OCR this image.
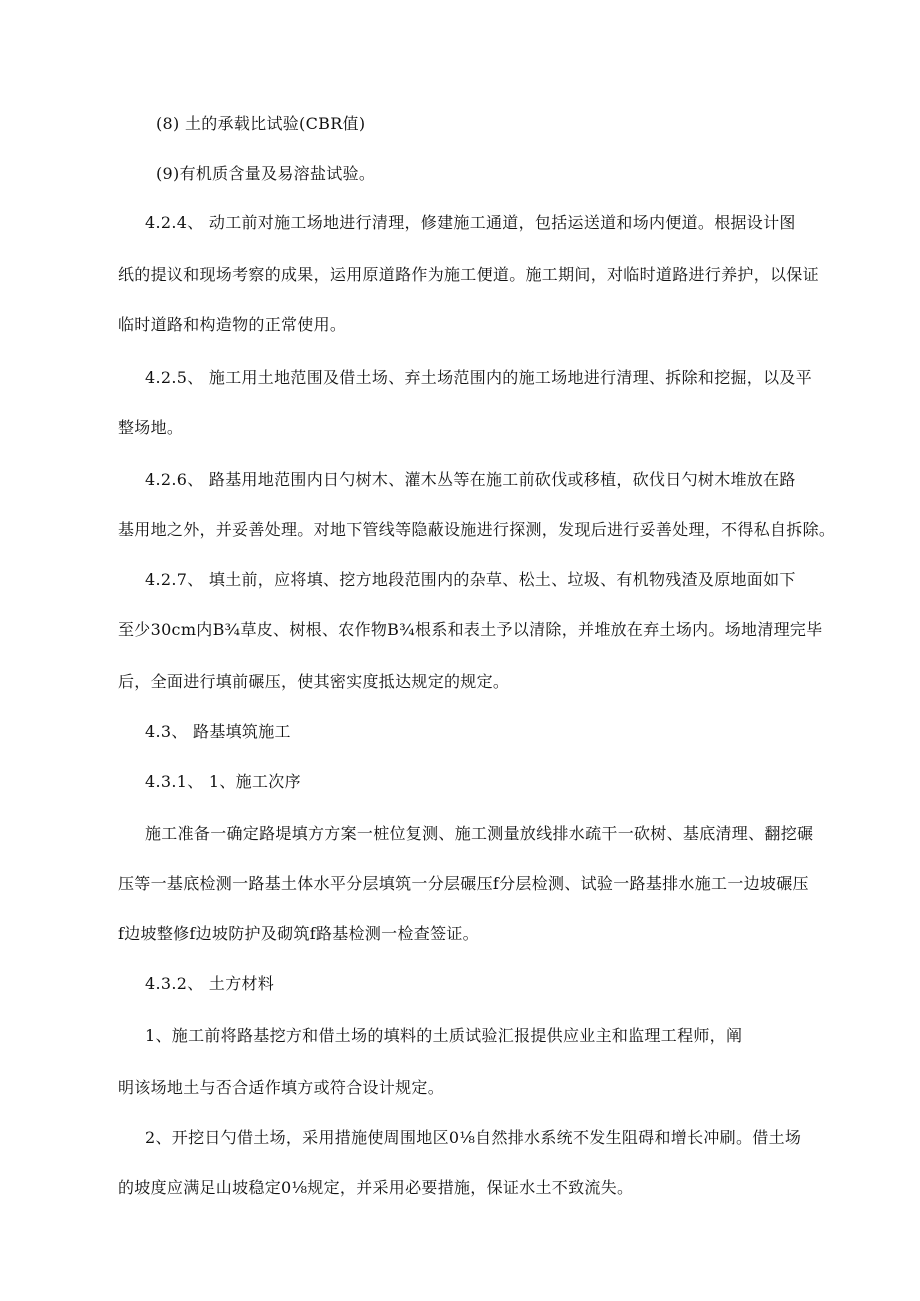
(8) 土的承载比试验(CBR值)
(9)有机质含量及易溶盐试验。
4.2.4、 动工前对施工场地进行清理，修建施工通道，包括运送道和场内便道。根据设计图
纸的提议和现场考察的成果，运用原道路作为施工便道。施工期间，对临时道路进行养护，以保证
临时道路和构造物的正常使用。
4.2.5、 施工用土地范围及借土场、弃土场范围内的施工场地进行清理、拆除和挖掘，以及平
整场地。
4.2.6、 路基用地范围内日勺树木、灌木丛等在施工前砍伐或移植，砍伐日勺树木堆放在路
基用地之外，并妥善处理。对地下管线等隐蔽设施进行探测，发现后进行妥善处理，不得私自拆除。
4.2.7、 填土前，应将填、挖方地段范围内的杂草、松土、垃圾、有机物残渣及原地面如下
至少30cm内B¾草皮、树根、农作物B¾根系和表土予以清除，并堆放在弃土场内。场地清理完毕
后，全面进行填前碾压，使其密实度抵达规定的规定。
4.3、 路基填筑施工
4.3.1、 1、施工次序
施工准备一确定路堤填方方案一桩位复测、施工测量放线排水疏干一砍树、基底清理、翻挖碾
压等一基底检测一路基土体水平分层填筑一分层碾压f分层检测、试验一路基排水施工一边坡碾压
f边坡整修f边坡防护及砌筑f路基检测一检查签证。
4.3.2、 土方材料
1、施工前将路基挖方和借土场的填料的土质试验汇报提供应业主和监理工程师，阐
明该场地土与否合适作填方或符合设计规定。
2、开挖日勺借土场，采用措施使周围地区0⅛自然排水系统不发生阻碍和增长冲刷。借土场
的坡度应满足山坡稳定0⅛规定，并采用必要措施，保证水土不致流失。
